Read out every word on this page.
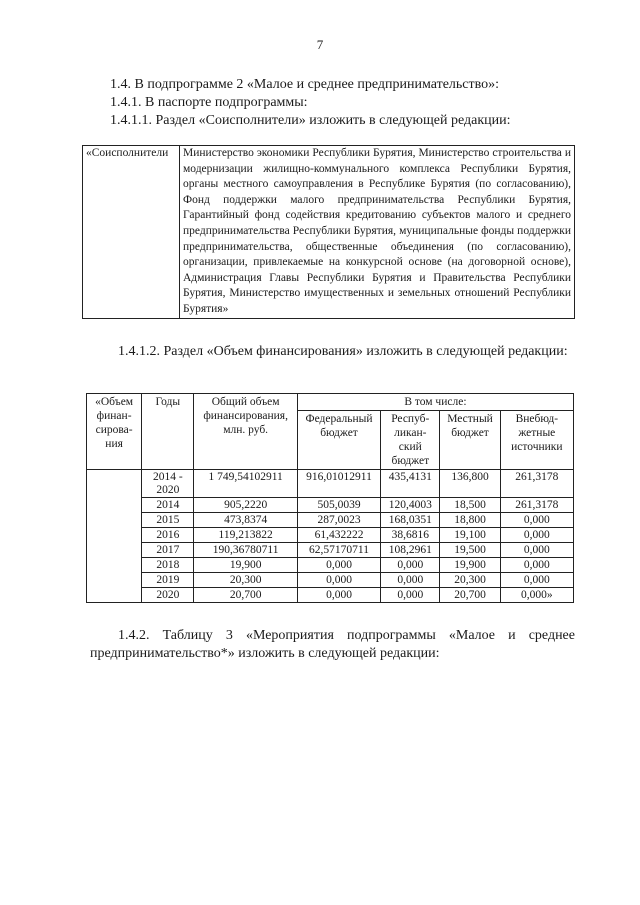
7
1.4. В подпрограмме 2 «Малое и среднее предпринимательство»:
1.4.1. В паспорте подпрограммы:
1.4.1.1. Раздел «Соисполнители» изложить в следующей редакции:
«Соисполнители	Министерство экономики Республики Бурятия, Министерство строительства и модернизации жилищно-коммунального комплекса Республики Бурятия, органы местного самоуправления в Республике Бурятия (по согласованию), Фонд поддержки малого предпринимательства Республики Бурятия, Гарантийный фонд содействия кредитованию субъектов малого и среднего предпринимательства Республики Бурятия, муниципальные фонды поддержки предпринимательства, общественные объединения (по согласованию), организации, привлекаемые на конкурсной основе (на договорной основе), Администрация Главы Республики Бурятия и Правительства Республики Бурятия, Министерство имущественных и земельных отношений Республики Бурятия»
1.4.1.2. Раздел «Объем финансирования» изложить в следующей редакции:
«Объем финан- сирова- ния	Годы	Общий объем финансирования, млн. руб.	В том числе:			
			Федеральный бюджет	Респуб- ликан- ский бюджет	Местный бюджет	Внебюд- жетные источники
	2014 - 2020	1 749,54102911	916,01012911	435,4131	136,800	261,3178
	2014	905,2220	505,0039	120,4003	18,500	261,3178
	2015	473,8374	287,0023	168,0351	18,800	0,000
	2016	119,213822	61,432222	38,6816	19,100	0,000
	2017	190,36780711	62,57170711	108,2961	19,500	0,000
	2018	19,900	0,000	0,000	19,900	0,000
	2019	20,300	0,000	0,000	20,300	0,000
	2020	20,700	0,000	0,000	20,700	0,000»
1.4.2. Таблицу 3 «Мероприятия подпрограммы «Малое и среднее предпринимательство*» изложить в следующей редакции:
